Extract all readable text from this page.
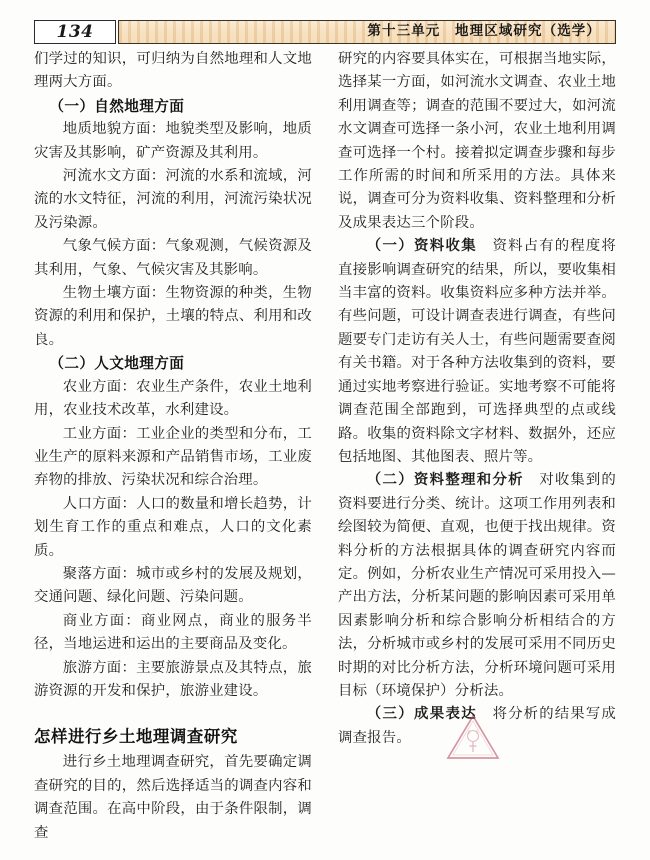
134	第十三单元　地理区域研究（选学）

们学过的知识，可归纳为自然地理和人文地理两大方面。

（一）自然地理方面

地质地貌方面：地貌类型及影响，地质灾害及其影响，矿产资源及其利用。

河流水文方面：河流的水系和流域，河流的水文特征，河流的利用，河流污染状况及污染源。

气象气候方面：气象观测，气候资源及其利用，气象、气候灾害及其影响。

生物土壤方面：生物资源的种类，生物资源的利用和保护，土壤的特点、利用和改良。

（二）人文地理方面

农业方面：农业生产条件，农业土地利用，农业技术改革，水利建设。

工业方面：工业企业的类型和分布，工业生产的原料来源和产品销售市场，工业废弃物的排放、污染状况和综合治理。

人口方面：人口的数量和增长趋势，计划生育工作的重点和难点，人口的文化素质。

聚落方面：城市或乡村的发展及规划，交通问题、绿化问题、污染问题。

商业方面：商业网点，商业的服务半径，当地运进和运出的主要商品及变化。

旅游方面：主要旅游景点及其特点，旅游资源的开发和保护，旅游业建设。

怎样进行乡土地理调查研究

进行乡土地理调查研究，首先要确定调查研究的目的，然后选择适当的调查内容和调查范围。在高中阶段，由于条件限制，调查

研究的内容要具体实在，可根据当地实际，选择某一方面，如河流水文调查、农业土地利用调查等；调查的范围不要过大，如河流水文调查可选择一条小河，农业土地利用调查可选择一个村。接着拟定调查步骤和每步工作所需的时间和所采用的方法。具体来说，调查可分为资料收集、资料整理和分析及成果表达三个阶段。

（一）资料收集　 资料占有的程度将直接影响调查研究的结果，所以，要收集相当丰富的资料。收集资料应多种方法并举。有些问题，可设计调查表进行调查，有些问题要专门走访有关人士，有些问题需要查阅有关书籍。对于各种方法收集到的资料，要通过实地考察进行验证。实地考察不可能将调查范围全部跑到，可选择典型的点或线路。收集的资料除文字材料、数据外，还应包括地图、其他图表、照片等。

（二）资料整理和分析　 对收集到的资料要进行分类、统计。这项工作用列表和绘图较为简便、直观，也便于找出规律。资料分析的方法根据具体的调查研究内容而定。例如，分析农业生产情况可采用投入—产出方法，分析某问题的影响因素可采用单因素影响分析和综合影响分析相结合的方法，分析城市或乡村的发展可采用不同历史时期的对比分析方法，分析环境问题可采用目标（环境保护）分析法。

（三）成果表达　 将分析的结果写成调查报告。
